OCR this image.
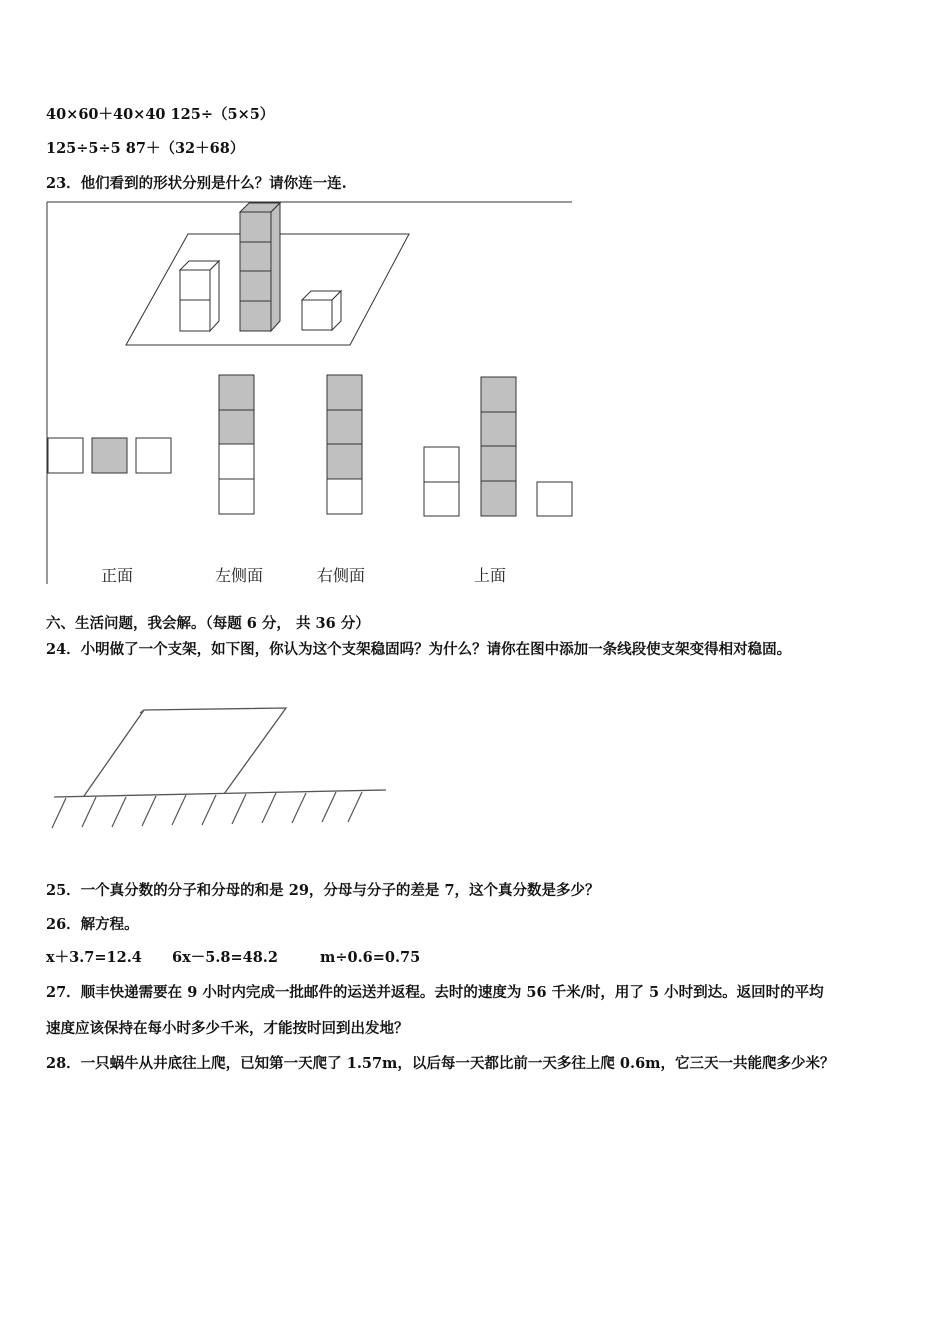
40×60＋40×40 125÷（5×5）
125÷5÷5 87＋（32＋68）
23．他们看到的形状分别是什么？请你连一连.
正面	左侧面	右侧面	上面
六、生活问题，我会解。（每题 6 分， 共 36 分）
24．小明做了一个支架，如下图，你认为这个支架稳固吗？为什么？请你在图中添加一条线段使支架变得相对稳固。
25．一个真分数的分子和分母的和是 29，分母与分子的差是 7，这个真分数是多少？
26．解方程。
x＋3.7=12.4 6x－5.8=48.2	m÷0.6=0.75
27．顺丰快递需要在 9 小时内完成一批邮件的运送并返程。去时的速度为 56 千米/时，用了 5 小时到达。返回时的平均
速度应该保持在每小时多少千米，才能按时回到出发地？
28．一只蜗牛从井底往上爬，已知第一天爬了 1.57m，以后每一天都比前一天多往上爬 0.6m，它三天一共能爬多少米？
